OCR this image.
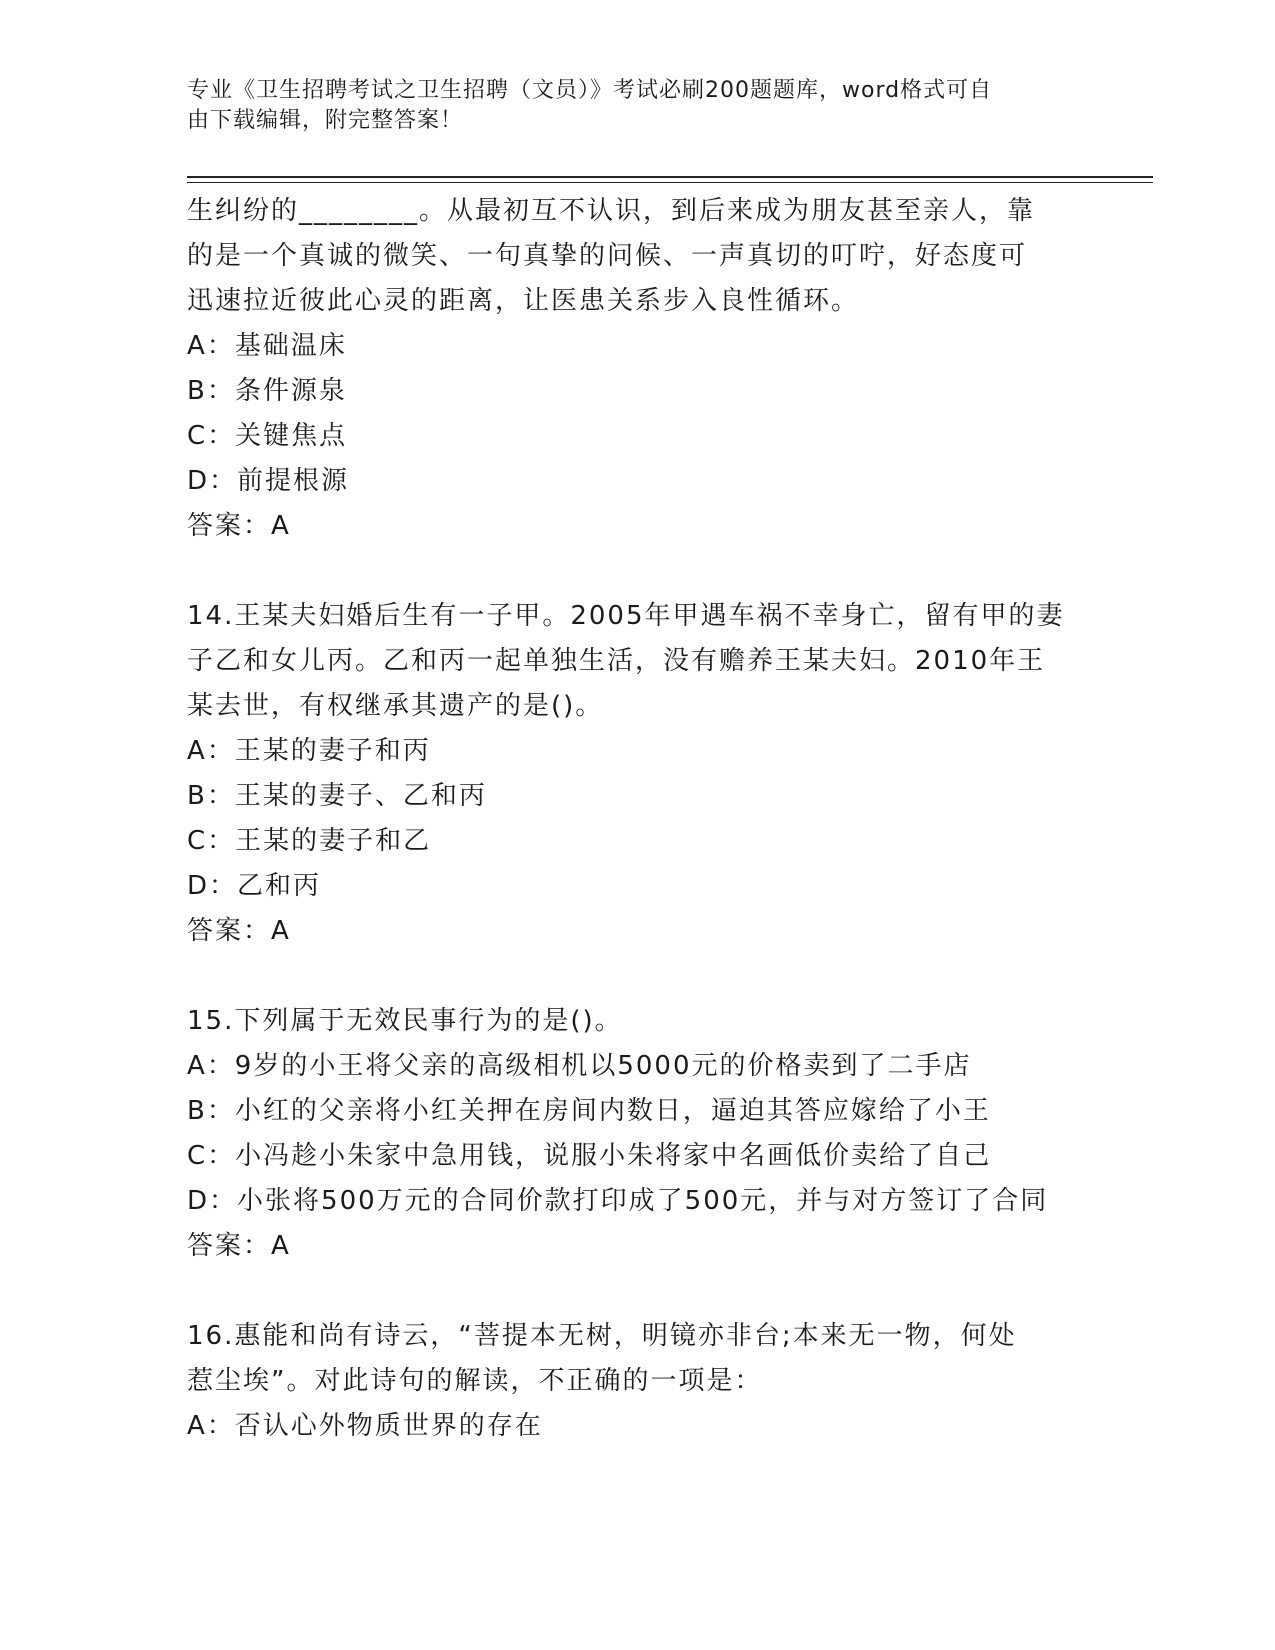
专业《卫生招聘考试之卫生招聘（文员）》考试必刷200题题库，word格式可自
由下载编辑，附完整答案！
生纠纷的________。从最初互不认识，到后来成为朋友甚至亲人，靠
的是一个真诚的微笑、一句真挚的问候、一声真切的叮咛，好态度可
迅速拉近彼此心灵的距离，让医患关系步入良性循环。
A：基础温床
B：条件源泉
C：关键焦点
D：前提根源
答案：A
14.王某夫妇婚后生有一子甲。2005年甲遇车祸不幸身亡，留有甲的妻
子乙和女儿丙。乙和丙一起单独生活，没有赡养王某夫妇。2010年王
某去世，有权继承其遗产的是()。
A：王某的妻子和丙
B：王某的妻子、乙和丙
C：王某的妻子和乙
D：乙和丙
答案：A
15.下列属于无效民事行为的是()。
A：9岁的小王将父亲的高级相机以5000元的价格卖到了二手店
B：小红的父亲将小红关押在房间内数日，逼迫其答应嫁给了小王
C：小冯趁小朱家中急用钱，说服小朱将家中名画低价卖给了自己
D：小张将500万元的合同价款打印成了500元，并与对方签订了合同
答案：A
16.惠能和尚有诗云，“菩提本无树，明镜亦非台;本来无一物，何处
惹尘埃”。对此诗句的解读，不正确的一项是：
A：否认心外物质世界的存在
